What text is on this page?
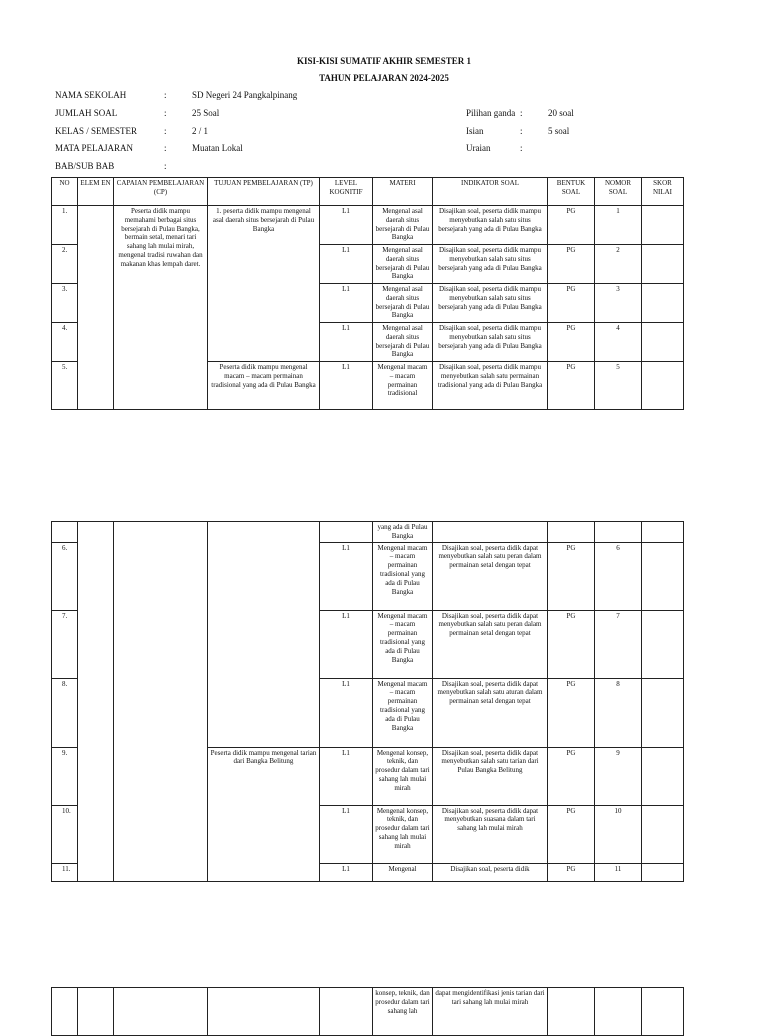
KISI-KISI SUMATIF AKHIR SEMESTER 1
TAHUN PELAJARAN 2024-2025
NAMA SEKOLAH	:	SD Negeri 24 Pangkalpinang
JUMLAH SOAL	:	25 Soal
KELAS / SEMESTER	:	2 / 1
MATA PELAJARAN	:	Muatan Lokal
BAB/SUB BAB	:
Pilihan ganda :	20 soal
Isian	:	5 soal
Uraian	:
NO	ELEM EN	CAPAIAN PEMBELAJARAN (CP)	TUJUAN PEMBELAJARAN (TP)	LEVEL KOGNITIF	MATERI	INDIKATOR SOAL	BENTUK SOAL	NOMOR SOAL	SKOR NILAI
1.		Peserta didik mampu memahami berbagai situs bersejarah di Pulau Bangka, bermain setal, menari tari sahang lah mulai mirah, mengenal tradisi ruwahan dan makanan khas lempah daret.	1. peserta didik mampu mengenal asal daerah situs bersejarah di Pulau Bangka	L1	Mengenal asal daerah situs bersejarah di Pulau Bangka	Disajikan soal, peserta didik mampu menyebutkan salah satu situs bersejarah yang ada di Pulau Bangka	PG	1	
2.				L1	Mengenal asal daerah situs bersejarah di Pulau Bangka	Disajikan soal, peserta didik mampu menyebutkan salah satu situs bersejarah yang ada di Pulau Bangka	PG	2	
3.				L1	Mengenal asal daerah situs bersejarah di Pulau Bangka	Disajikan soal, peserta didik mampu menyebutkan salah satu situs bersejarah yang ada di Pulau Bangka	PG	3	
4.				L1	Mengenal asal daerah situs bersejarah di Pulau Bangka	Disajikan soal, peserta didik mampu menyebutkan salah satu situs bersejarah yang ada di Pulau Bangka	PG	4	
5.			Peserta didik mampu mengenal macam – macam permainan tradisional yang ada di Pulau Bangka	L1	Mengenal macam – macam permainan tradisional	Disajikan soal, peserta didik mampu menyebutkan salah satu permainan tradisional yang ada di Pulau Bangka	PG	5	
					yang ada di Pulau Bangka				
6.				L1	Mengenal macam – macam permainan tradisional yang ada di Pulau Bangka	Disajikan soal, peserta didik dapat menyebutkan salah satu peran dalam permainan setal dengan tepat	PG	6	
7.				L1	Mengenal macam – macam permainan tradisional yang ada di Pulau Bangka	Disajikan soal, peserta didik dapat menyebutkan salah satu peran dalam permainan setal dengan tepat	PG	7	
8.				L1	Mengenal macam – macam permainan tradisional yang ada di Pulau Bangka	Disajikan soal, peserta didik dapat menyebutkan salah satu aturan dalam permainan setal dengan tepat	PG	8	
9.			Peserta didik mampu mengenal tarian dari Bangka Belitung	L1	Mengenal konsep, teknik, dan prosedur dalam tari sahang lah mulai mirah	Disajikan soal, peserta didik dapat menyebutkan salah satu tarian dari Pulau Bangka Belitung	PG	9	
10.				L1	Mengenal konsep, teknik, dan prosedur dalam tari sahang lah mulai mirah	Disajikan soal, peserta didik dapat menyebutkan suasana dalam tari sahang lah mulai mirah	PG	10	
11.				L1	Mengenal	Disajikan soal, peserta didik	PG	11	
					konsep, teknik, dan prosedur dalam tari sahang lah	dapat mengidentifikasi jenis tarian dari tari sahang lah mulai mirah			
